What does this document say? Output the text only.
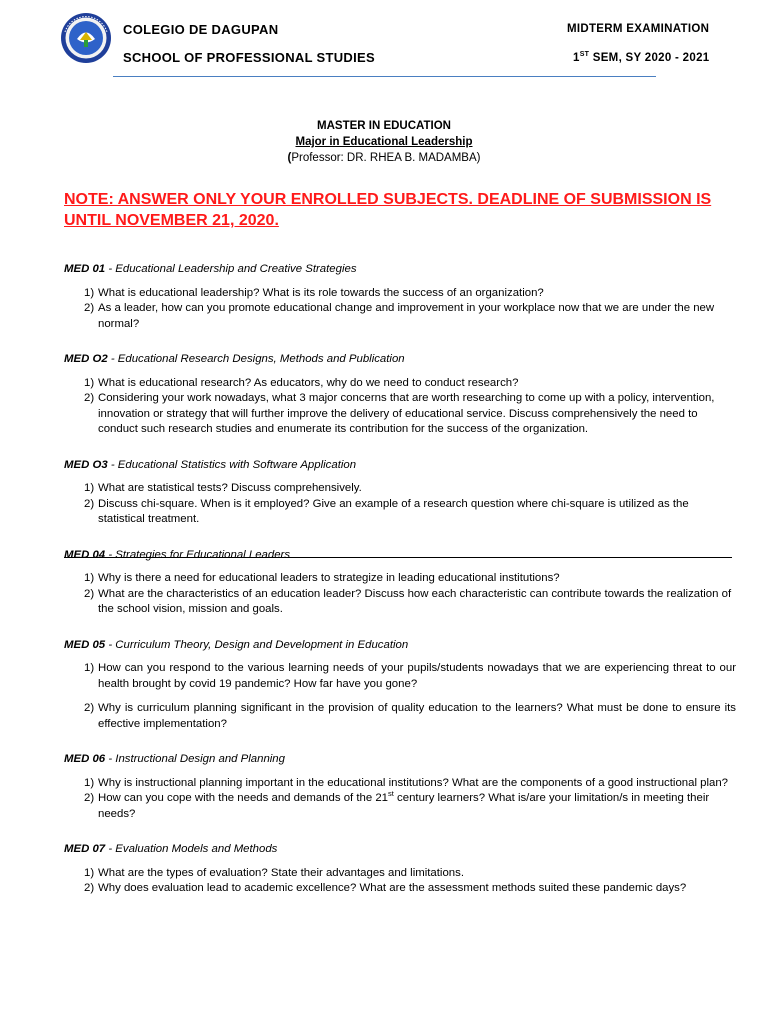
COLEGIO DE DAGUPAN
SCHOOL OF PROFESSIONAL STUDIES
MIDTERM EXAMINATION
1ST SEM, SY 2020 - 2021
MASTER IN EDUCATION
Major in Educational Leadership
(Professor: DR. RHEA B. MADAMBA)
NOTE: ANSWER ONLY YOUR ENROLLED SUBJECTS. DEADLINE OF SUBMISSION IS UNTIL NOVEMBER 21, 2020.
MED 01 - Educational Leadership and Creative Strategies
1) What is educational leadership? What is its role towards the success of an organization?
2) As a leader, how can you promote educational change and improvement in your workplace now that we are under the new normal?
MED O2 - Educational Research Designs, Methods and Publication
1) What is educational research? As educators, why do we need to conduct research?
2) Considering your work nowadays, what 3 major concerns that are worth researching to come up with a policy, intervention, innovation or strategy that will further improve the delivery of educational service. Discuss comprehensively the need to conduct such research studies and enumerate its contribution for the success of the organization.
MED O3 - Educational Statistics with Software Application
1) What are statistical tests? Discuss comprehensively.
2) Discuss chi-square. When is it employed? Give an example of a research question where chi-square is utilized as the statistical treatment.
MED 04 - Strategies for Educational Leaders
1) Why is there a need for educational leaders to strategize in leading educational institutions?
2) What are the characteristics of an education leader? Discuss how each characteristic can contribute towards the realization of the school vision, mission and goals.
MED 05 - Curriculum Theory, Design and Development in Education
1) How can you respond to the various learning needs of your pupils/students nowadays that we are experiencing threat to our health brought by covid 19 pandemic? How far have you gone?
2) Why is curriculum planning significant in the provision of quality education to the learners? What must be done to ensure its effective implementation?
MED 06 - Instructional Design and Planning
1) Why is instructional planning important in the educational institutions? What are the components of a good instructional plan?
2) How can you cope with the needs and demands of the 21st century learners? What is/are your limitation/s in meeting their needs?
MED 07 - Evaluation Models and Methods
1) What are the types of evaluation? State their advantages and limitations.
2) Why does evaluation lead to academic excellence? What are the assessment methods suited these pandemic days?
